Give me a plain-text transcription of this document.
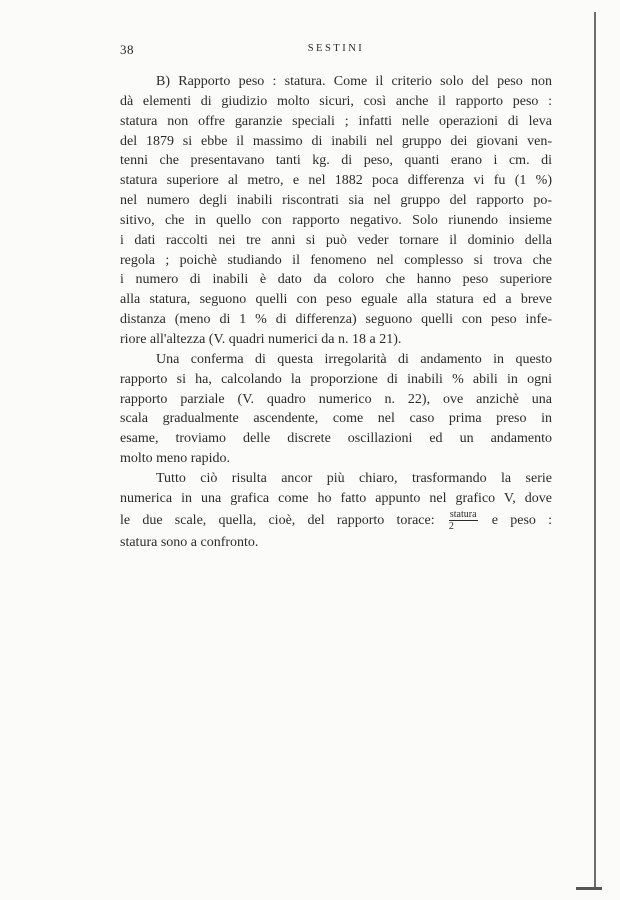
38	SESTINI
B) Rapporto peso : statura. Come il criterio solo del peso non
dà elementi di giudizio molto sicuri, così anche il rapporto peso :
statura non offre garanzie speciali ; infatti nelle operazioni di leva
del 1879 si ebbe il massimo di inabili nel gruppo dei giovani ven-
tenni che presentavano tanti kg. di peso, quanti erano i cm. di
statura superiore al metro, e nel 1882 poca differenza vi fu (1 %)
nel numero degli inabili riscontrati sia nel gruppo del rapporto po-
sitivo, che in quello con rapporto negativo. Solo riunendo insieme
i dati raccolti nei tre anni si può veder tornare il dominio della
regola ; poichè studiando il fenomeno nel complesso si trova che
i numero di inabili è dato da coloro che hanno peso superiore
alla statura, seguono quelli con peso eguale alla statura ed a breve
distanza (meno di 1 % di differenza) seguono quelli con peso infe-
riore all'altezza (V. quadri numerici da n. 18 a 21).
Una conferma di questa irregolarità di andamento in questo
rapporto si ha, calcolando la proporzione di inabili % abili in ogni
rapporto parziale (V. quadro numerico n. 22), ove anzichè una
scala gradualmente ascendente, come nel caso prima preso in
esame, troviamo delle discrete oscillazioni ed un andamento
molto meno rapido.
Tutto ciò risulta ancor più chiaro, trasformando la serie
numerica in una grafica come ho fatto appunto nel grafico V, dove
le due scale, quella, cioè, del rapporto torace: $\frac{\text{statura}}{2}$ e peso :
statura sono a confronto.
